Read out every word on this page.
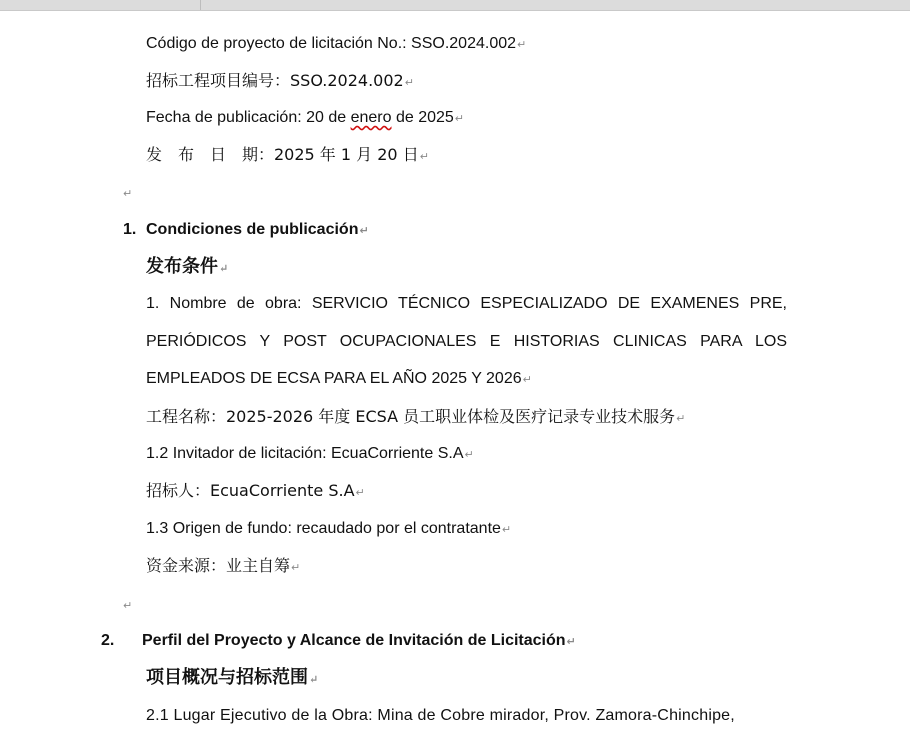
Código de proyecto de licitación No.: SSO.2024.002↵
招标工程项目编号：SSO.2024.002↵
Fecha de publicación: 20 de enero de 2025↵
发　布　日　期：2025 年 1 月 20 日↵
↵
1. Condiciones de publicación↵
发布条件↵
1. Nombre de obra: SERVICIO TÉCNICO ESPECIALIZADO DE EXAMENES PRE,
PERIÓDICOS Y POST OCUPACIONALES E HISTORIAS CLINICAS PARA LOS
EMPLEADOS DE ECSA PARA EL AÑO 2025 Y 2026↵
工程名称：2025-2026 年度 ECSA 员工职业体检及医疗记录专业技术服务↵
1.2 Invitador de licitación: EcuaCorriente S.A↵
招标人：EcuaCorriente S.A↵
1.3 Origen de fundo: recaudado por el contratante↵
资金来源：业主自筹↵
↵
2. Perfil del Proyecto y Alcance de Invitación de Licitación↵
项目概况与招标范围↵
2.1 Lugar Ejecutivo de la Obra: Mina de Cobre mirador, Prov. Zamora-Chinchipe,
